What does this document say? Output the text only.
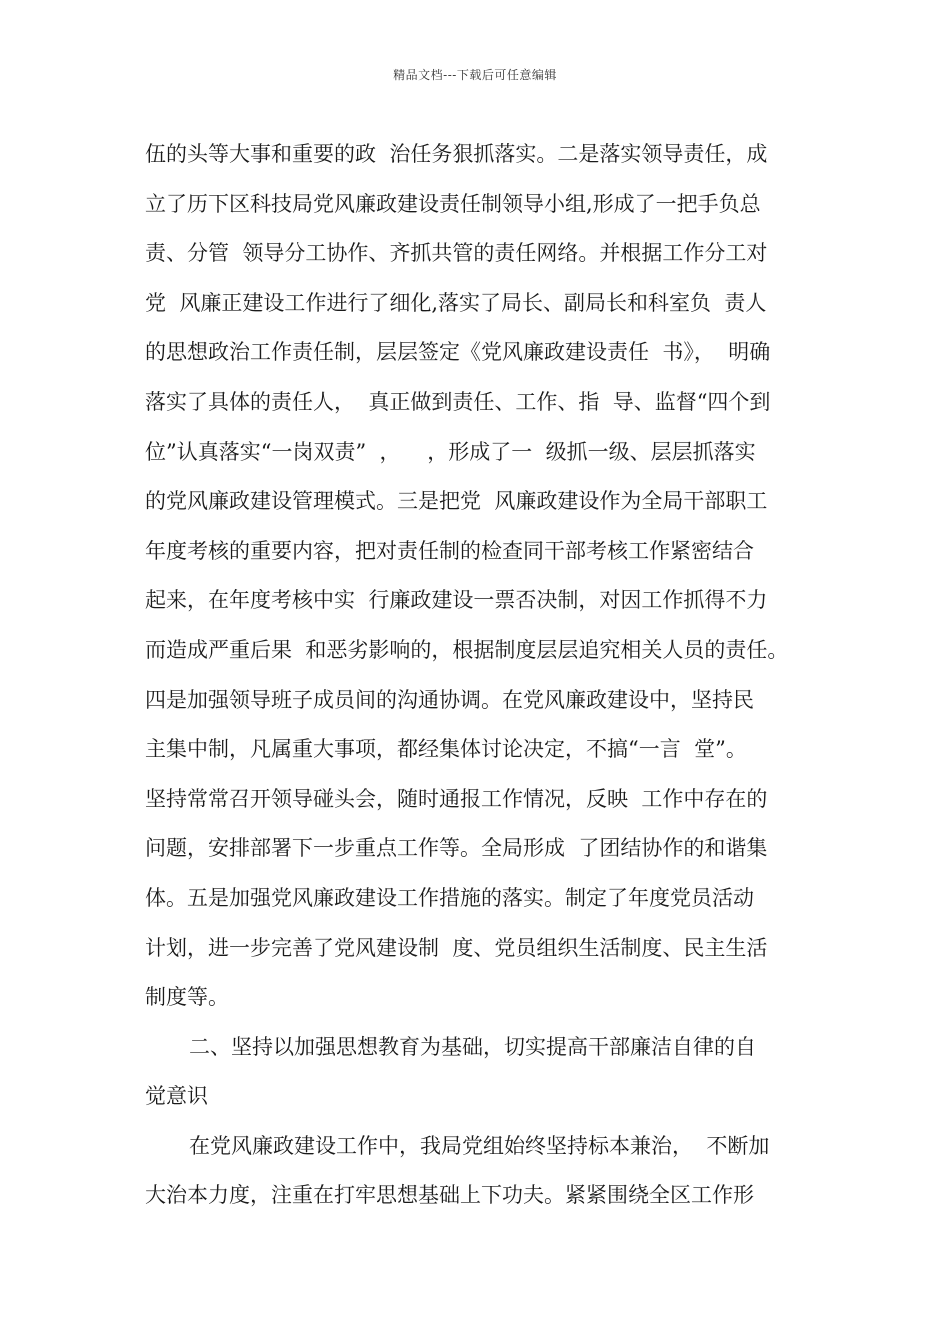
精品文档---下载后可任意编辑
伍的头等大事和重要的政  治任务狠抓落实。二是落实领导责任，成
立了历下区科技局党风廉政建设责任制领导小组,形成了一把手负总
责、分管  领导分工协作、齐抓共管的责任网络。并根据工作分工对
党  风廉正建设工作进行了细化,落实了局长、副局长和科室负  责人
的思想政治工作责任制，层层签定《党风廉政建设责任  书》，  明确
落实了具体的责任人，  真正做到责任、工作、指  导、监督“四个到
位”认真落实“一岗双责”  ，    ，形成了一  级抓一级、层层抓落实
的党风廉政建设管理模式。三是把党  风廉政建设作为全局干部职工
年度考核的重要内容，把对责任制的检查同干部考核工作紧密结合
起来，在年度考核中实  行廉政建设一票否决制，对因工作抓得不力
而造成严重后果  和恶劣影响的，根据制度层层追究相关人员的责任。
四是加强领导班子成员间的沟通协调。在党风廉政建设中，坚持民
主集中制，凡属重大事项，都经集体讨论决定，不搞“一言  堂”。
坚持常常召开领导碰头会，随时通报工作情况，反映  工作中存在的
问题，安排部署下一步重点工作等。全局形成  了团结协作的和谐集
体。五是加强党风廉政建设工作措施的落实。制定了年度党员活动
计划，进一步完善了党风建设制  度、党员组织生活制度、民主生活
制度等。
二、坚持以加强思想教育为基础，切实提高干部廉洁自律的自
觉意识
在党风廉政建设工作中，我局党组始终坚持标本兼治，  不断加
大治本力度，注重在打牢思想基础上下功夫。紧紧围绕全区工作形
